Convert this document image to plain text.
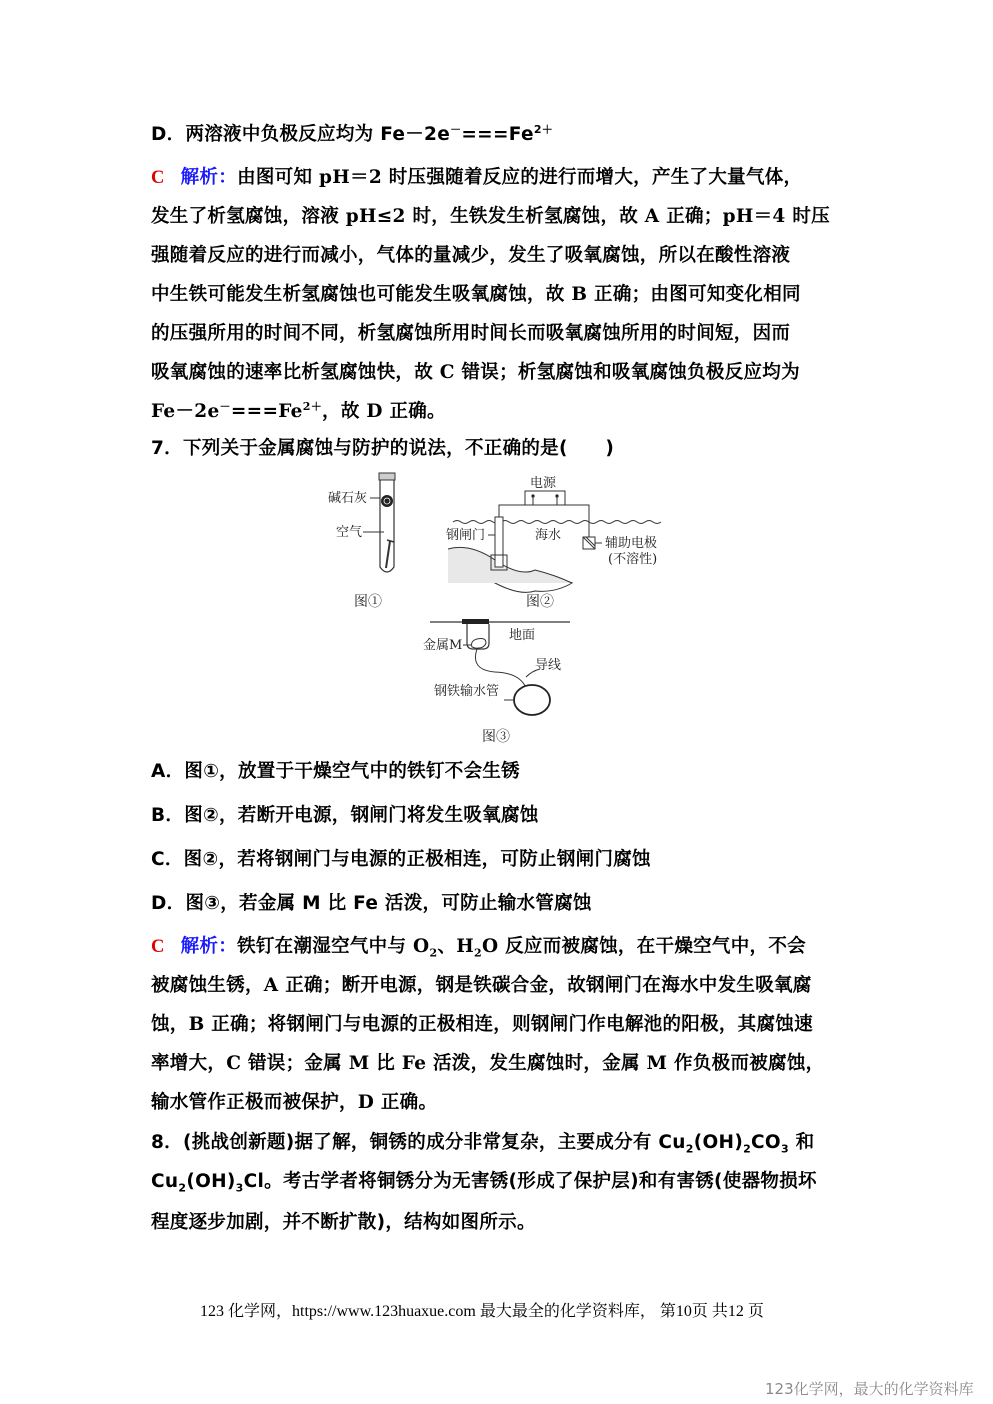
D．两溶液中负极反应均为 $Fe-2e^-===Fe^{2+}$
C 解析：由图可知 pH＝2 时压强随着反应的进行而增大，产生了大量气体，
发生了析氢腐蚀，溶液 pH≤2 时，生铁发生析氢腐蚀，故 A 正确；pH＝4 时压
强随着反应的进行而减小，气体的量减少，发生了吸氧腐蚀，所以在酸性溶液
中生铁可能发生析氢腐蚀也可能发生吸氧腐蚀，故 B 正确；由图可知变化相同
的压强所用的时间不同，析氢腐蚀所用时间长而吸氧腐蚀所用的时间短，因而
吸氧腐蚀的速率比析氢腐蚀快，故 C 错误；析氢腐蚀和吸氧腐蚀负极反应均为
$Fe-2e^-===Fe^{2+}$，故 D 正确。
7．下列关于金属腐蚀与防护的说法，不正确的是(　　)
碱石灰
空气
图①
电源
钢闸门	海水
辅助电极
(不溶性)
图②
金属M
地面
导线
钢铁输水管
图③
A．图①，放置于干燥空气中的铁钉不会生锈
B．图②，若断开电源，钢闸门将发生吸氧腐蚀
C．图②，若将钢闸门与电源的正极相连，可防止钢闸门腐蚀
D．图③，若金属 M 比 Fe 活泼，可防止输水管腐蚀
C 解析：铁钉在潮湿空气中与 $O_2$、$H_2O$ 反应而被腐蚀，在干燥空气中，不会
被腐蚀生锈，A 正确；断开电源，钢是铁碳合金，故钢闸门在海水中发生吸氧腐
蚀，B 正确；将钢闸门与电源的正极相连，则钢闸门作电解池的阳极，其腐蚀速
率增大，C 错误；金属 M 比 Fe 活泼，发生腐蚀时，金属 M 作负极而被腐蚀，
输水管作正极而被保护，D 正确。
8．(挑战创新题)据了解，铜锈的成分非常复杂，主要成分有 $Cu_2(OH)_2CO_3$ 和
$Cu_2(OH)_3Cl$。考古学者将铜锈分为无害锈(形成了保护层)和有害锈(使器物损坏
程度逐步加剧，并不断扩散)，结构如图所示。
123 化学网，https://www.123huaxue.com 最大最全的化学资料库， 第10页 共12 页
123化学网，最大的化学资料库
